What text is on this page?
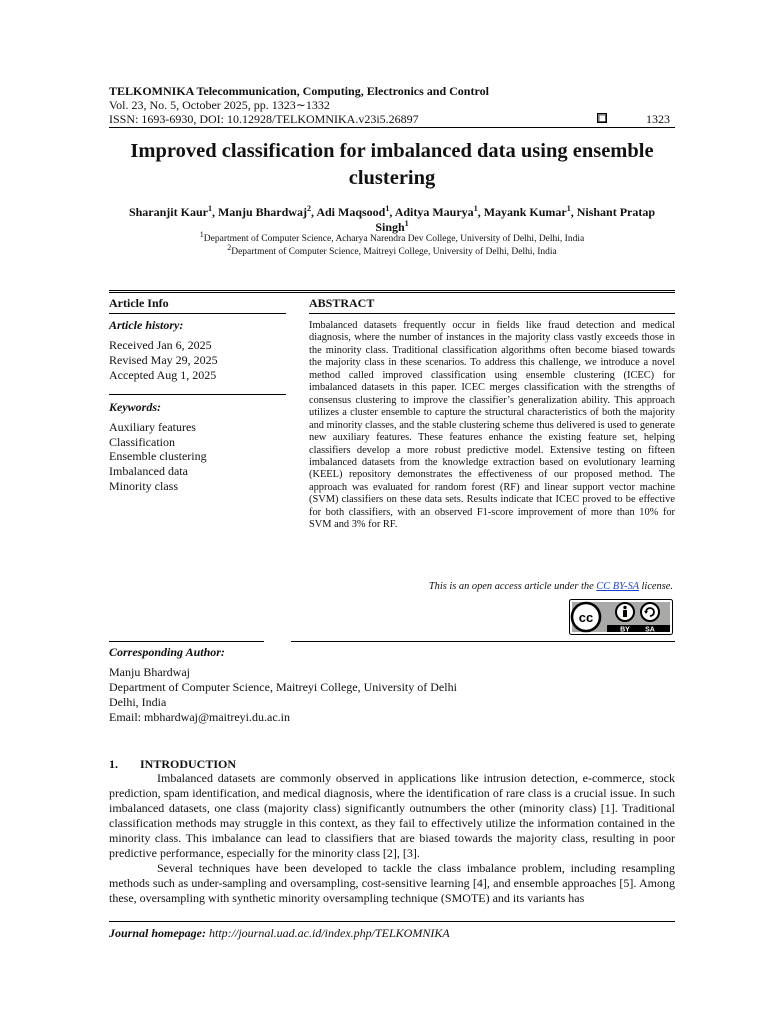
TELKOMNIKA Telecommunication, Computing, Electronics and Control
Vol. 23, No. 5, October 2025, pp. 1323∼1332
ISSN: 1693-6930, DOI: 10.12928/TELKOMNIKA.v23i5.26897	1323
Improved classification for imbalanced data using ensemble clustering
Sharanjit Kaur$^1$, Manju Bhardwaj$^2$, Adi Maqsood$^1$, Aditya Maurya$^1$, Mayank Kumar$^1$, Nishant Pratap Singh$^1$
$^1$Department of Computer Science, Acharya Narendra Dev College, University of Delhi, Delhi, India
$^2$Department of Computer Science, Maitreyi College, University of Delhi, Delhi, India
Article Info	ABSTRACT
Article history:
Received Jan 6, 2025
Revised May 29, 2025
Accepted Aug 1, 2025
Keywords:
Auxiliary features
Classification
Ensemble clustering
Imbalanced data
Minority class
Imbalanced datasets frequently occur in fields like fraud detection and medical diagnosis, where the number of instances in the majority class vastly exceeds those in the minority class. Traditional classification algorithms often become biased towards the majority class in these scenarios. To address this challenge, we introduce a novel method called improved classification using ensemble clustering (ICEC) for imbalanced datasets in this paper. ICEC merges classification with the strengths of consensus clustering to improve the classifier’s generalization ability. This approach utilizes a cluster ensemble to capture the structural characteristics of both the majority and minority classes, and the stable clustering scheme thus delivered is used to generate new auxiliary features. These features enhance the existing feature set, helping classifiers develop a more robust predictive model. Extensive testing on fifteen imbalanced datasets from the knowledge extraction based on evolutionary learning (KEEL) repository demonstrates the effectiveness of our proposed method. The approach was evaluated for random forest (RF) and linear support vector machine (SVM) classifiers on these data sets. Results indicate that ICEC proved to be effective for both classifiers, with an observed F1-score improvement of more than 10% for SVM and 3% for RF.
This is an open access article under the CC BY-SA license.
cc
BY SA
Corresponding Author:
Manju Bhardwaj
Department of Computer Science, Maitreyi College, University of Delhi
Delhi, India
Email: mbhardwaj@maitreyi.du.ac.in
1. INTRODUCTION

Imbalanced datasets are commonly observed in applications like intrusion detection, e-commerce, stock prediction, spam identification, and medical diagnosis, where the identification of rare class is a crucial issue. In such imbalanced datasets, one class (majority class) significantly outnumbers the other (minority class) [1]. Traditional classification methods may struggle in this context, as they fail to effectively utilize the information contained in the minority class. This imbalance can lead to classifiers that are biased towards the majority class, resulting in poor predictive performance, especially for the minority class [2], [3].

Several techniques have been developed to tackle the class imbalance problem, including resampling methods such as under-sampling and oversampling, cost-sensitive learning [4], and ensemble approaches [5]. Among these, oversampling with synthetic minority oversampling technique (SMOTE) and its variants has

Journal homepage: http://journal.uad.ac.id/index.php/TELKOMNIKA
